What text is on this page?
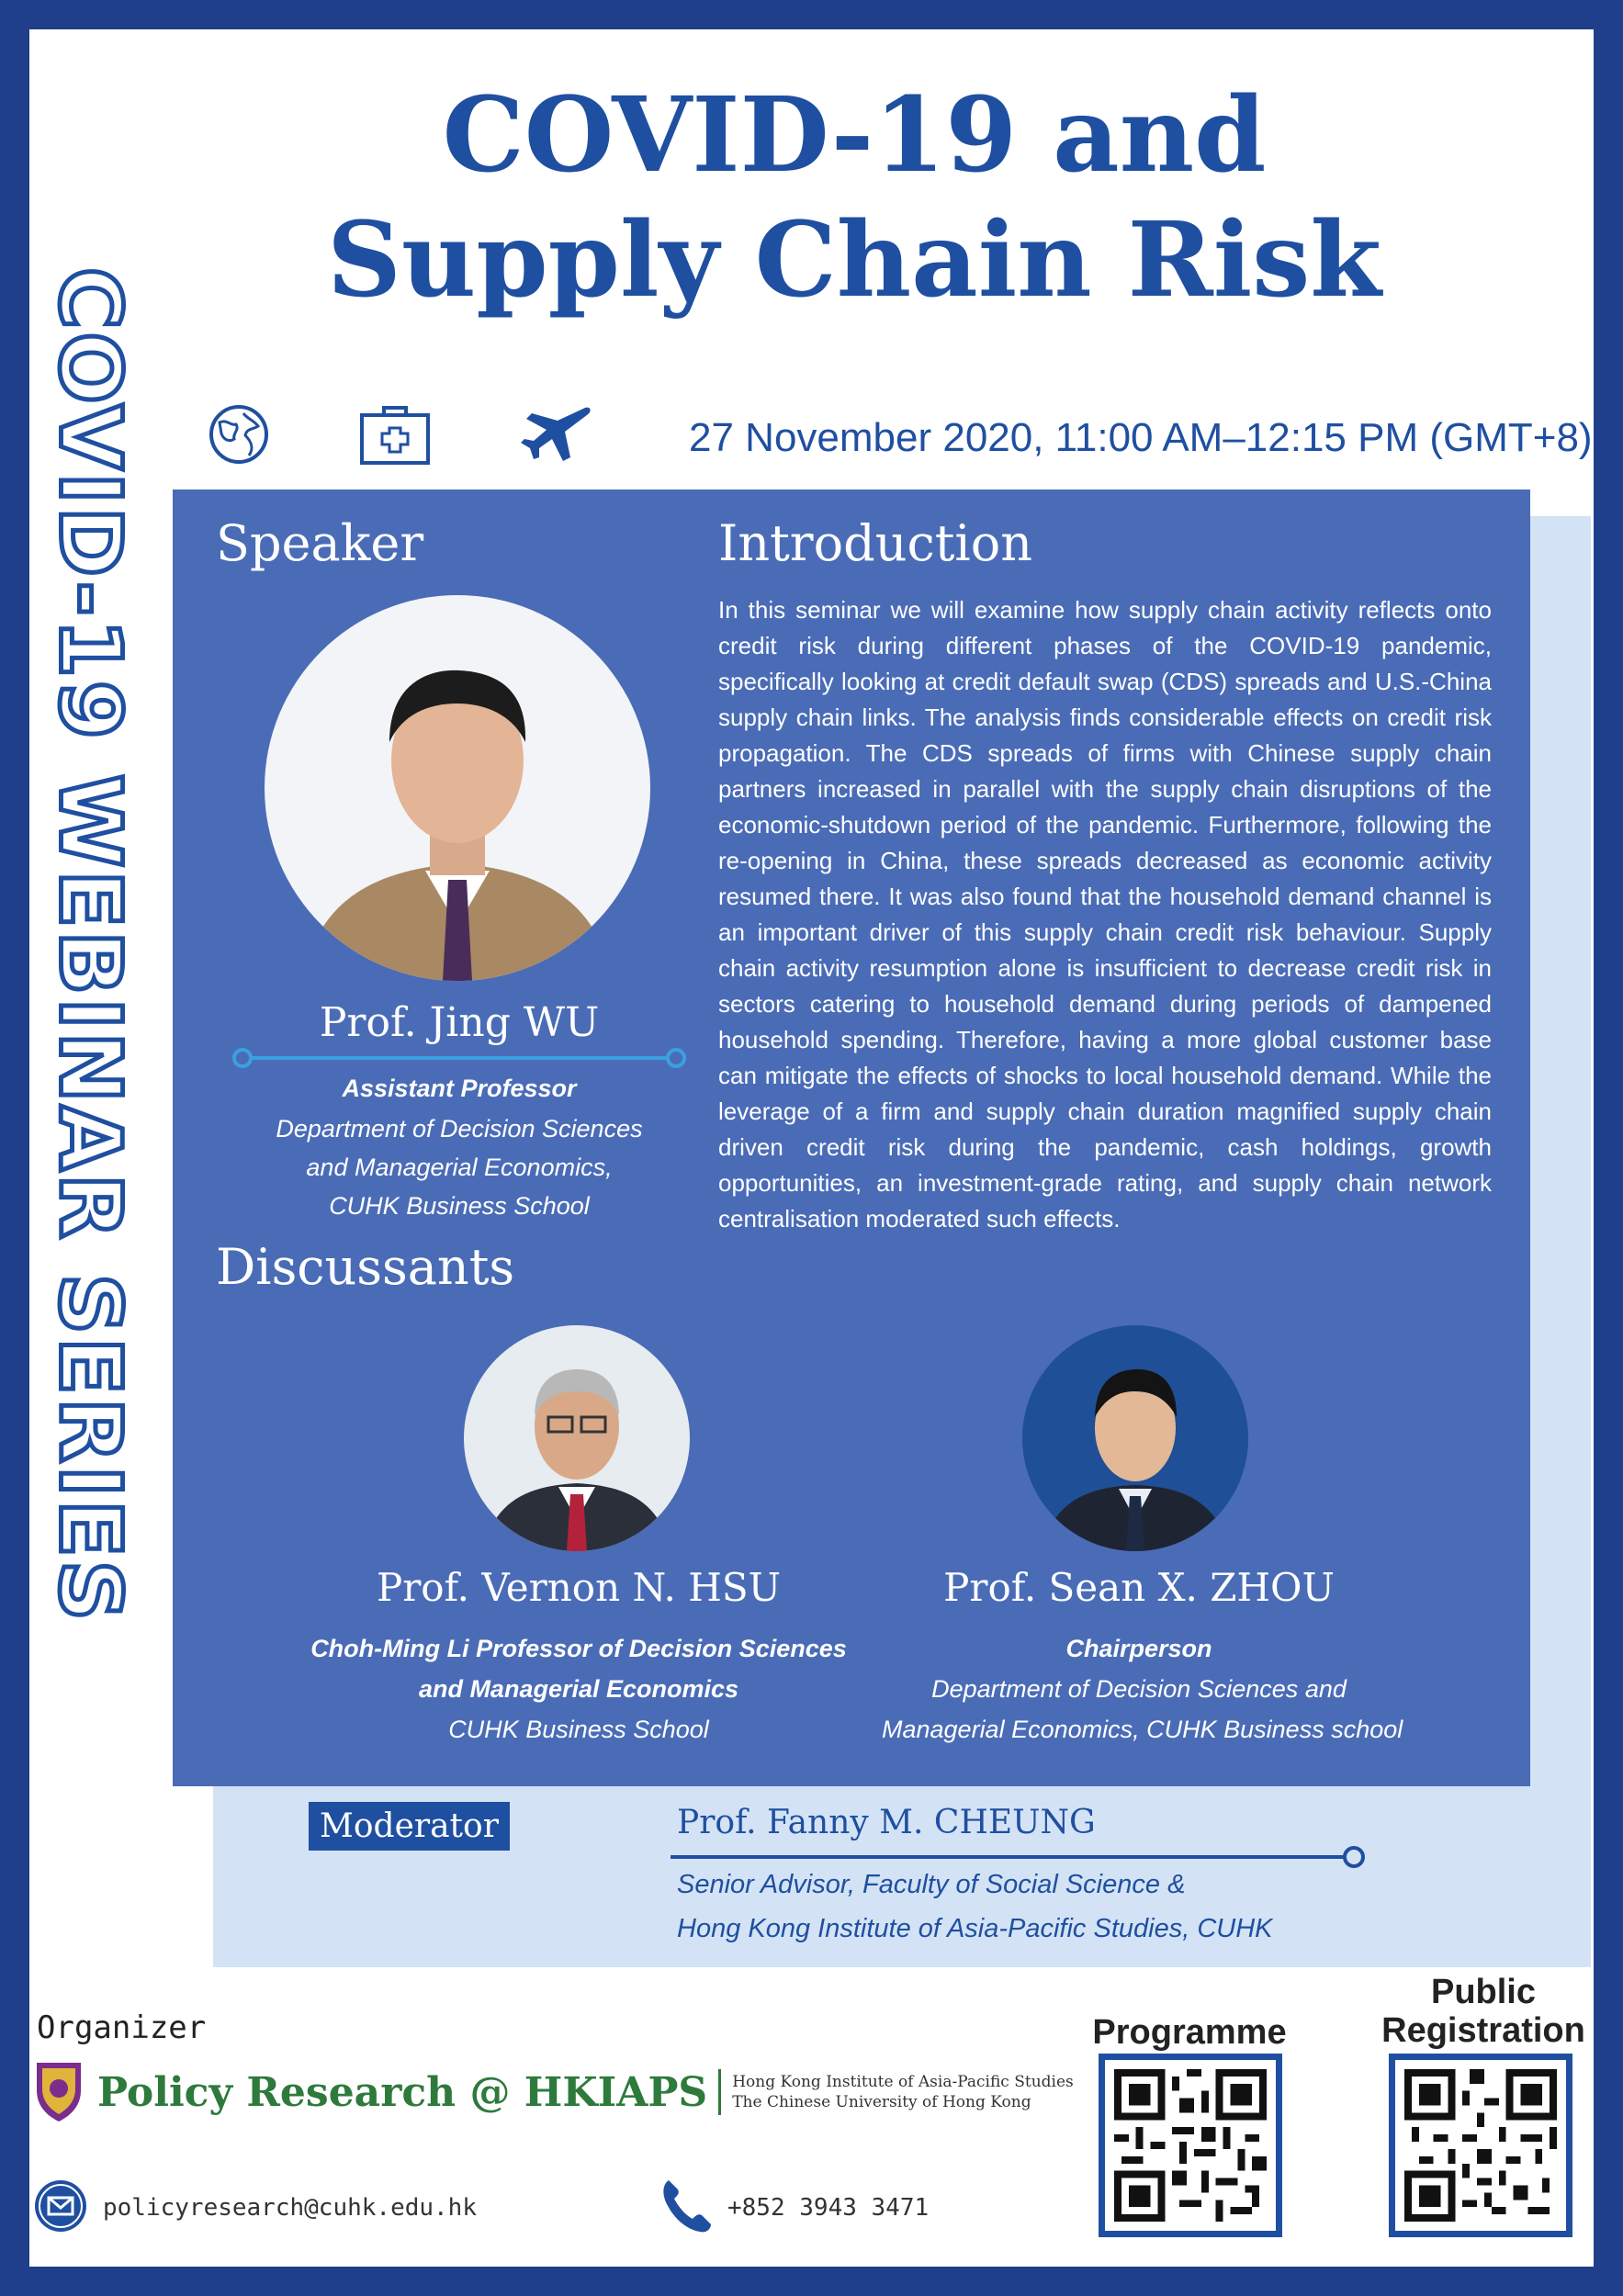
COVID-19 WEBINAR SERIES
COVID-19 and
Supply Chain Risk
27 November 2020, 11:00 AM–12:15 PM (GMT+8)
Speaker
Prof. Jing WU
Assistant Professor
Department of Decision Sciences
and Managerial Economics,
CUHK Business School
Introduction
In this seminar we will examine how supply chain activity reflects onto credit risk during different phases of the COVID-19 pandemic, specifically looking at credit default swap (CDS) spreads and U.S.-China supply chain links. The analysis finds considerable effects on credit risk propagation. The CDS spreads of firms with Chinese supply chain partners increased in parallel with the supply chain disruptions of the economic-shutdown period of the pandemic. Furthermore, following the re-opening in China, these spreads decreased as economic activity resumed there. It was also found that the household demand channel is an important driver of this supply chain credit risk behaviour. Supply chain activity resumption alone is insufficient to decrease credit risk in sectors catering to household demand during periods of dampened household spending. Therefore, having a more global customer base can mitigate the effects of shocks to local household demand. While the leverage of a firm and supply chain duration magnified supply chain driven credit risk during the pandemic, cash holdings, growth opportunities, an investment-grade rating, and supply chain network centralisation moderated such effects.
Discussants
Prof. Vernon N. HSU
Choh-Ming Li Professor of Decision Sciences
and Managerial Economics
CUHK Business School
Prof. Sean X. ZHOU
Chairperson
Department of Decision Sciences and
Managerial Economics, CUHK Business school
Moderator	Prof. Fanny M. CHEUNG
Senior Advisor, Faculty of Social Science &
Hong Kong Institute of Asia-Pacific Studies, CUHK
Organizer
Policy Research @ HKIAPS Hong Kong Institute of Asia-Pacific Studies
The Chinese University of Hong Kong
policyresearch@cuhk.edu.hk	+852 3943 3471
Programme
Public
Registration
